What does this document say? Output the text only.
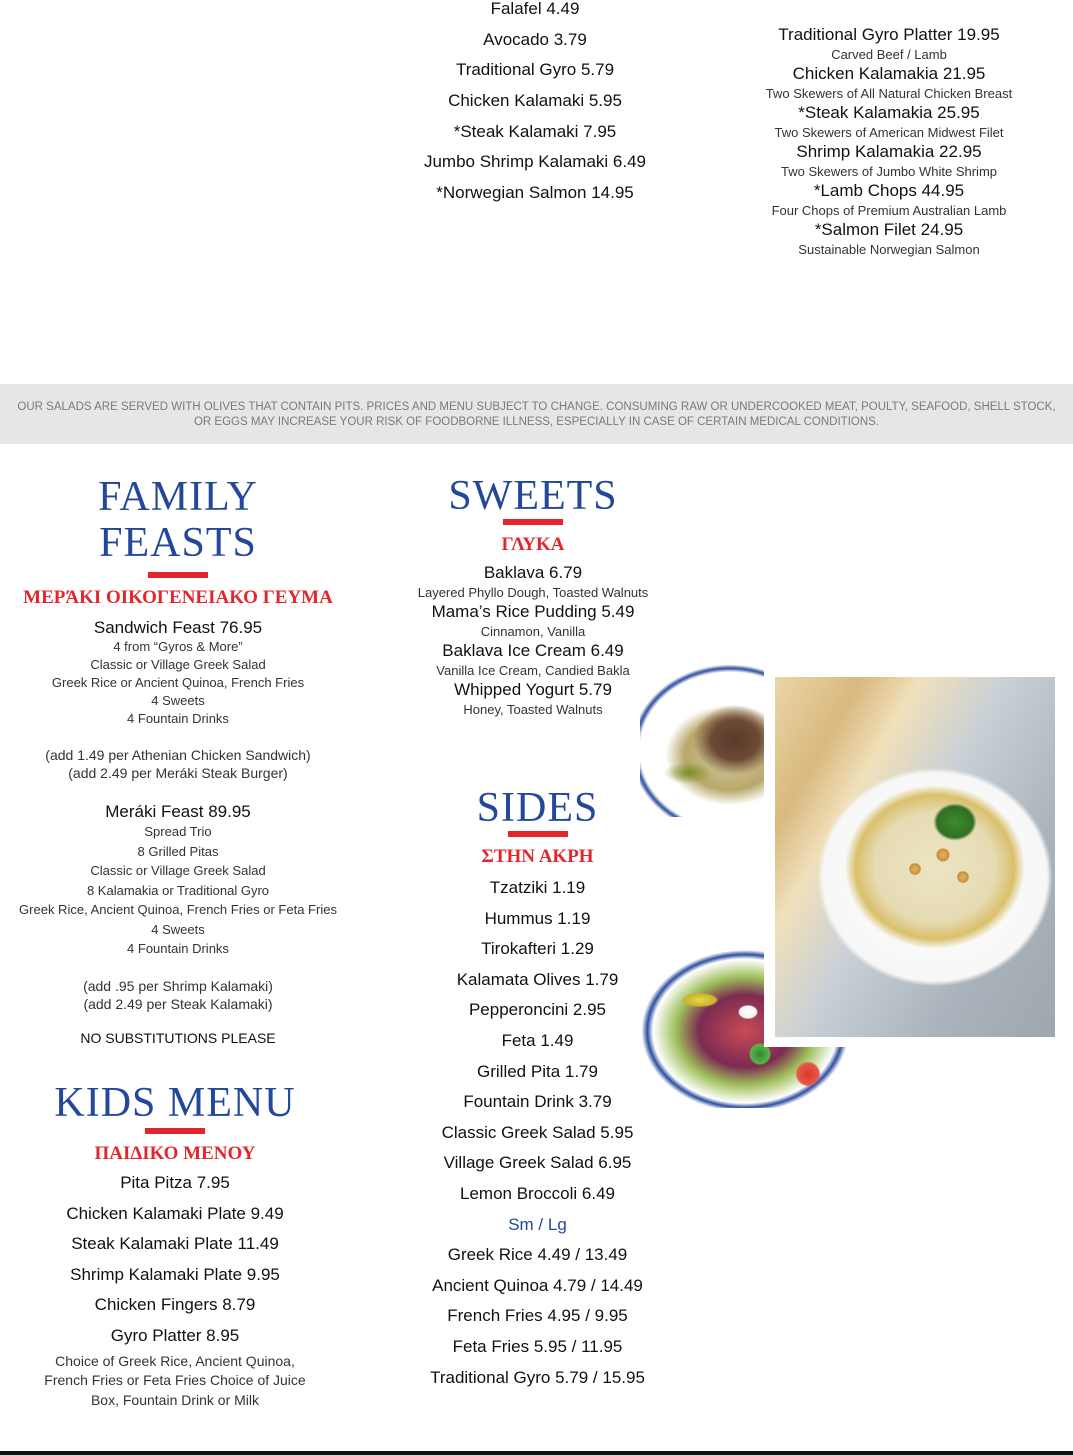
Falafel 4.49
Avocado 3.79
Traditional Gyro 5.79
Chicken Kalamaki 5.95
*Steak Kalamaki 7.95
Jumbo Shrimp Kalamaki 6.49
*Norwegian Salmon 14.95
Traditional Gyro Platter 19.95
Carved Beef / Lamb
Chicken Kalamakia 21.95
Two Skewers of All Natural Chicken Breast
*Steak Kalamakia 25.95
Two Skewers of American Midwest Filet
Shrimp Kalamakia 22.95
Two Skewers of Jumbo White Shrimp
*Lamb Chops 44.95
Four Chops of Premium Australian Lamb
*Salmon Filet 24.95
Sustainable Norwegian Salmon
OUR SALADS ARE SERVED WITH OLIVES THAT CONTAIN PITS. PRICES AND MENU SUBJECT TO CHANGE. CONSUMING RAW OR UNDERCOOKED MEAT, POULTY, SEAFOOD, SHELL STOCK,
OR EGGS MAY INCREASE YOUR RISK OF FOODBORNE ILLNESS, ESPECIALLY IN CASE OF CERTAIN MEDICAL CONDITIONS.
FAMILY
FEASTS
ΜΕΡΆΚΙ ΟΙΚΟΓΕΝΕΙΑΚΟ ΓΕΥΜΑ
Sandwich Feast 76.95
4 from “Gyros & More”
Classic or Village Greek Salad
Greek Rice or Ancient Quinoa, French Fries
4 Sweets
4 Fountain Drinks
(add 1.49 per Athenian Chicken Sandwich)
(add 2.49 per Meráki Steak Burger)
Meráki Feast 89.95
Spread Trio
8 Grilled Pitas
Classic or Village Greek Salad
8 Kalamakia or Traditional Gyro
Greek Rice, Ancient Quinoa, French Fries or Feta Fries
4 Sweets
4 Fountain Drinks
(add .95 per Shrimp Kalamaki)
(add 2.49 per Steak Kalamaki)
NO SUBSTITUTIONS PLEASE
KIDS MENU
ΠΑΙΔΙΚΟ ΜΕΝΟΥ
Pita Pitza 7.95
Chicken Kalamaki Plate 9.49
Steak Kalamaki Plate 11.49
Shrimp Kalamaki Plate 9.95
Chicken Fingers 8.79
Gyro Platter 8.95
Choice of Greek Rice, Ancient Quinoa,
French Fries or Feta Fries Choice of Juice
Box, Fountain Drink or Milk
SWEETS
ΓΛΥΚΑ
Baklava 6.79
Layered Phyllo Dough, Toasted Walnuts
Mama’s Rice Pudding 5.49
Cinnamon, Vanilla
Baklava Ice Cream 6.49
Vanilla Ice Cream, Candied Bakla
Whipped Yogurt 5.79
Honey, Toasted Walnuts
SIDES
ΣΤΗΝ ΑΚΡΗ
Tzatziki 1.19
Hummus 1.19
Tirokafteri 1.29
Kalamata Olives 1.79
Pepperoncini 2.95
Feta 1.49
Grilled Pita 1.79
Fountain Drink 3.79
Classic Greek Salad 5.95
Village Greek Salad 6.95
Lemon Broccoli 6.49
Sm / Lg
Greek Rice 4.49 / 13.49
Ancient Quinoa 4.79 / 14.49
French Fries 4.95 / 9.95
Feta Fries 5.95 / 11.95
Traditional Gyro 5.79 / 15.95
